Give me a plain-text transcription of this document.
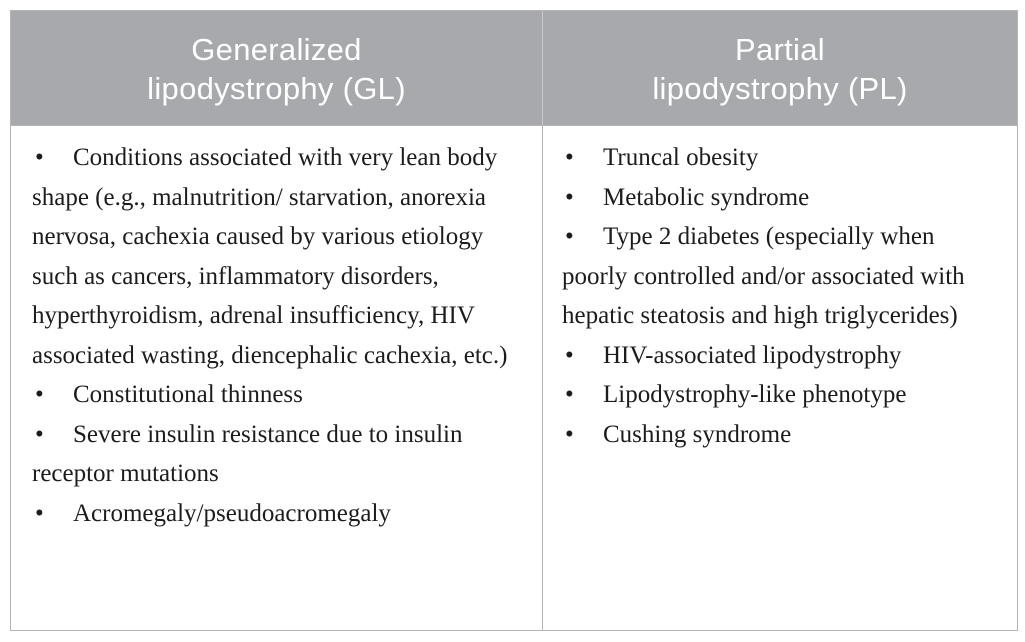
Generalized
lipodystrophy (GL)
Partial
lipodystrophy (PL)
• Conditions associated with very lean body shape (e.g., malnutrition/ starvation, anorexia nervosa, cachexia caused by various etiology such as cancers, inflammatory disorders, hyperthyroidism, adrenal insufficiency, HIV associated wasting, diencephalic cachexia, etc.)
• Constitutional thinness
• Severe insulin resistance due to insulin receptor mutations
• Acromegaly/pseudoacromegaly
• Truncal obesity
• Metabolic syndrome
• Type 2 diabetes (especially when poorly controlled and/or associated with hepatic steatosis and high triglycerides)
• HIV-associated lipodystrophy
• Lipodystrophy-like phenotype
• Cushing syndrome
